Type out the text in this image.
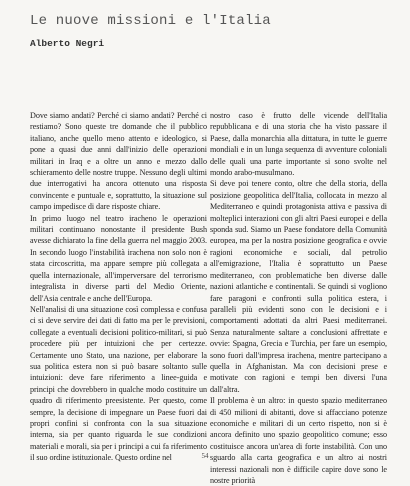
Le nuove missioni e l'Italia
Alberto Negri

Dove siamo andati? Perché ci siamo andati? Perché ci restiamo? Sono queste tre domande che il pubblico italiano, anche quello meno attento e ideologico, si pone a quasi due anni dall'inizio delle operazioni militari in Iraq e a oltre un anno e mezzo dallo schieramento delle nostre truppe. Nessuno degli ultimi due interrogativi ha ancora ottenuto una risposta convincente e puntuale e, soprattutto, la situazione sul campo impedisce di dare risposte chiare.

In primo luogo nel teatro iracheno le operazioni militari continuano nonostante il presidente Bush avesse dichiarato la fine della guerra nel maggio 2003. In secondo luogo l'instabilità irachena non solo non è stata circoscritta, ma appare sempre più collegata a quella internazionale, all'imperversare del terrorismo integralista in diverse parti del Medio Oriente, dell'Asia centrale e anche dell'Europa.

Nell'analisi di una situazione così complessa e confusa ci si deve servire dei dati di fatto ma per le previsioni, collegate a eventuali decisioni politico-militari, si può procedere più per intuizioni che per certezze. Certamente uno Stato, una nazione, per elaborare la sua politica estera non si può basare soltanto sulle intuizioni: deve fare riferimento a linee-guida e principi che dovrebbero in qualche modo costituire un quadro di riferimento preesistente. Per questo, come sempre, la decisione di impegnare un Paese fuori dai propri confini si confronta con la sua situazione interna, sia per quanto riguarda le sue condizioni materiali e morali, sia per i principi a cui fa riferimento il suo ordine istituzionale. Questo ordine nel

nostro caso è frutto delle vicende dell'Italia repubblicana e di una storia che ha visto passare il Paese, dalla monarchia alla dittatura, in tutte le guerre mondiali e in un lunga sequenza di avventure coloniali delle quali una parte importante si sono svolte nel mondo arabo-musulmano.

Si deve poi tenere conto, oltre che della storia, della posizione geopolitica dell'Italia, collocata in mezzo al Mediterraneo e quindi protagonista attiva e passiva di molteplici interazioni con gli altri Paesi europei e della sponda sud. Siamo un Paese fondatore della Comunità europea, ma per la nostra posizione geografica e ovvie ragioni economiche e sociali, dal petrolio all'emigrazione, l'Italia è soprattutto un Paese mediterraneo, con problematiche ben diverse dalle nazioni atlantiche e continentali. Se quindi si vogliono fare paragoni e confronti sulla politica estera, i paralleli più evidenti sono con le decisioni e i comportamenti adottati da altri Paesi mediterranei. Senza naturalmente saltare a conclusioni affrettate e ovvie: Spagna, Grecia e Turchia, per fare un esempio, sono fuori dall'impresa irachena, mentre partecipano a quella in Afghanistan. Ma con decisioni prese e motivate con ragioni e tempi ben diversi l'una dall'altra.

Il problema è un altro: in questo spazio mediterraneo di 450 milioni di abitanti, dove si affacciano potenze economiche e militari di un certo rispetto, non si è ancora definito uno spazio geopolitico comune; esso costituisce ancora un'area di forte instabilità. Con uno sguardo alla carta geografica e un altro ai nostri interessi nazionali non è difficile capire dove sono le nostre priorità

54
